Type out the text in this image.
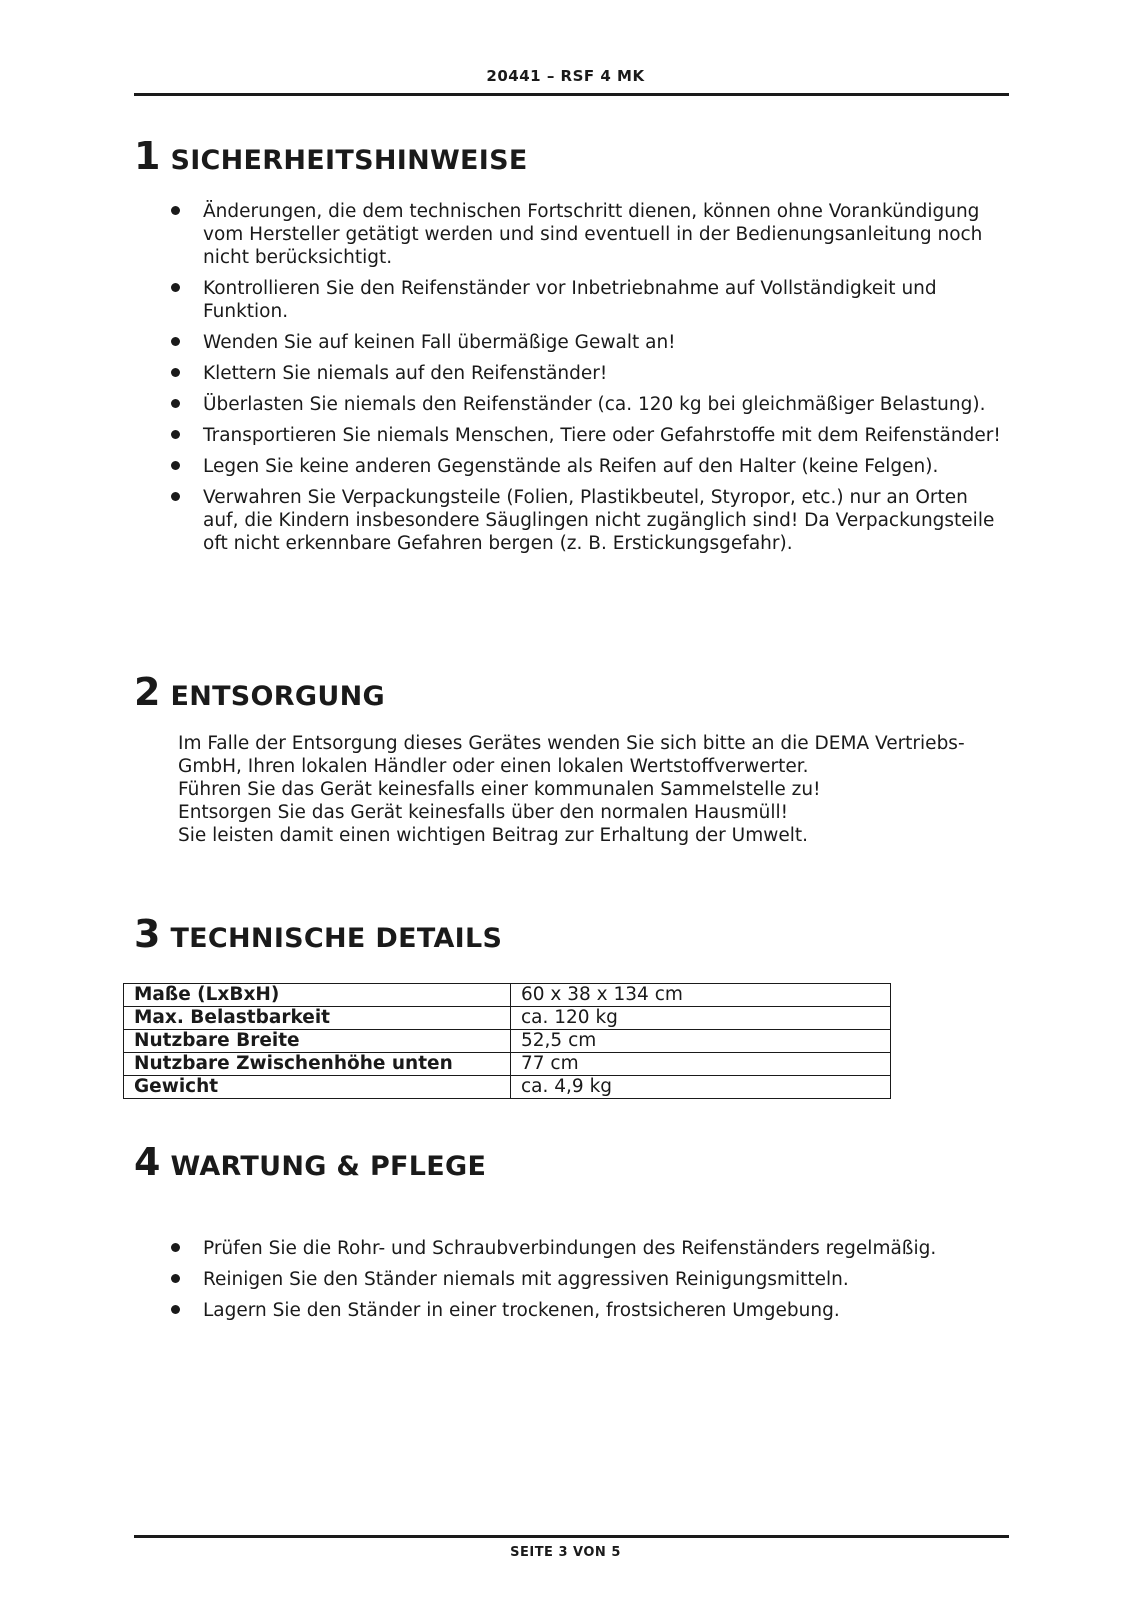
20441 – RSF 4 MK
1 SICHERHEITSHINWEISE
Änderungen, die dem technischen Fortschritt dienen, können ohne Vorankündigung vom Hersteller getätigt werden und sind eventuell in der Bedienungsanleitung noch nicht berücksichtigt.
Kontrollieren Sie den Reifenständer vor Inbetriebnahme auf Vollständigkeit und Funktion.
Wenden Sie auf keinen Fall übermäßige Gewalt an!
Klettern Sie niemals auf den Reifenständer!
Überlasten Sie niemals den Reifenständer (ca. 120 kg bei gleichmäßiger Belastung).
Transportieren Sie niemals Menschen, Tiere oder Gefahrstoffe mit dem Reifenständer!
Legen Sie keine anderen Gegenstände als Reifen auf den Halter (keine Felgen).
Verwahren Sie Verpackungsteile (Folien, Plastikbeutel, Styropor, etc.) nur an Orten auf, die Kindern insbesondere Säuglingen nicht zugänglich sind! Da Verpackungsteile oft nicht erkennbare Gefahren bergen (z. B. Erstickungsgefahr).
2 ENTSORGUNG
Im Falle der Entsorgung dieses Gerätes wenden Sie sich bitte an die DEMA Vertriebs-
GmbH, Ihren lokalen Händler oder einen lokalen Wertstoffverwerter.
Führen Sie das Gerät keinesfalls einer kommunalen Sammelstelle zu!
Entsorgen Sie das Gerät keinesfalls über den normalen Hausmüll!
Sie leisten damit einen wichtigen Beitrag zur Erhaltung der Umwelt.
3 TECHNISCHE DETAILS
Maße (LxBxH)	60 x 38 x 134 cm
Max. Belastbarkeit	ca. 120 kg
Nutzbare Breite	52,5 cm
Nutzbare Zwischenhöhe unten	77 cm
Gewicht	ca. 4,9 kg
4 WARTUNG & PFLEGE
Prüfen Sie die Rohr- und Schraubverbindungen des Reifenständers regelmäßig.
Reinigen Sie den Ständer niemals mit aggressiven Reinigungsmitteln.
Lagern Sie den Ständer in einer trockenen, frostsicheren Umgebung.
SEITE 3 VON 5
